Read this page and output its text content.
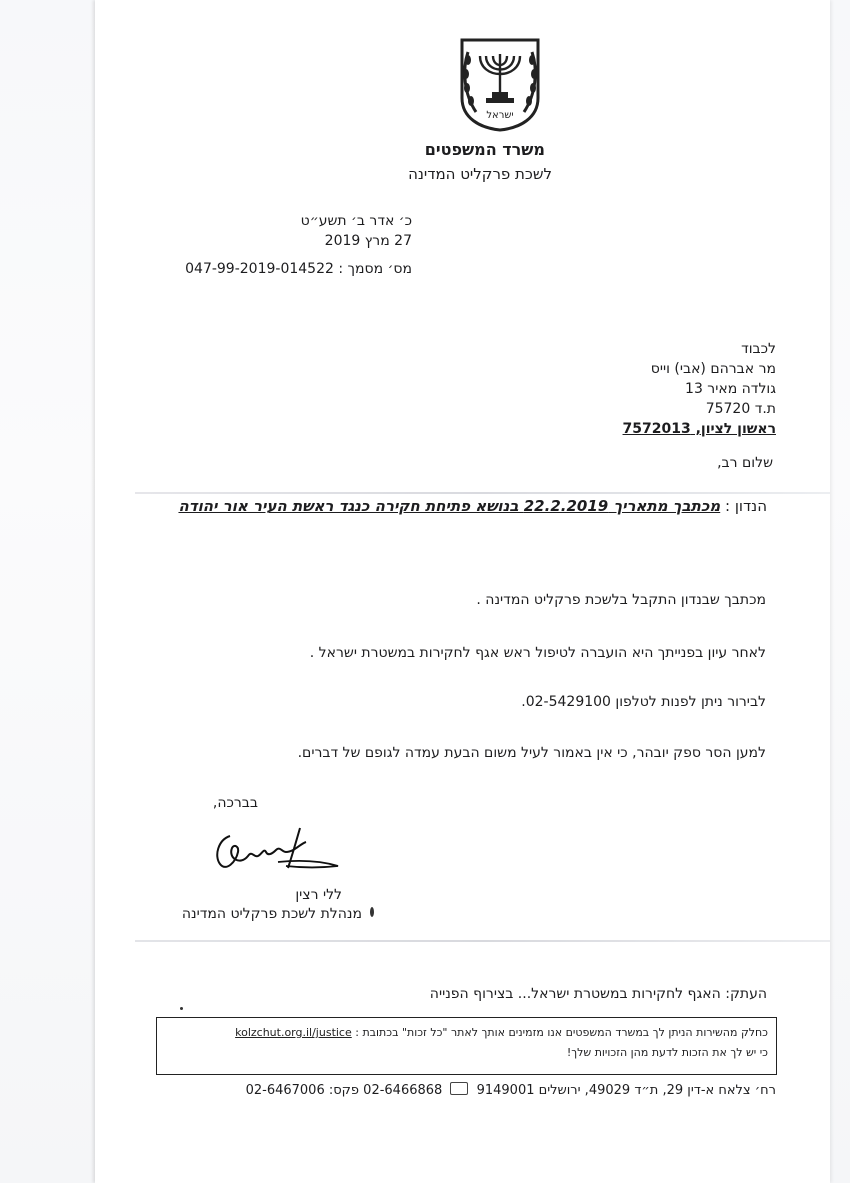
ישראל
משרד המשפטים
לשכת פרקליט המדינה
כ׳ אדר ב׳ תשע״ט
27 מרץ 2019
מס׳ מסמך : 047-99-2019-014522
לכבוד
מר אברהם (אבי) וייס
גולדה מאיר 13
ת.ד 75720
ראשון לציון, 7572013
שלום רב,
הנדון : מכתבך מתאריך 22.2.2019 בנושא פתיחת חקירה כנגד ראשת העיר אור יהודה
מכתבך שבנדון התקבל בלשכת פרקליט המדינה .
לאחר עיון בפנייתך היא הועברה לטיפול ראש אגף לחקירות במשטרת ישראל .
לבירור ניתן לפנות לטלפון 02-5429100.
למען הסר ספק יובהר, כי אין באמור לעיל משום הבעת עמדה לגופם של דברים.
בברכה,
ללי רצין
מנהלת לשכת פרקליט המדינה
העתק: האגף לחקירות במשטרת ישראל... בצירוף הפנייה
כחלק מהשירות הניתן לך במשרד המשפטים אנו מזמינים אותך לאתר "כל זכות" בכתובת : kolzchut.org.il/justice
כי יש לך את הזכות לדעת מהן הזכויות שלך!
רח׳ צלאח א-דין 29, ת״ד 49029, ירושלים 9149001  02-6466868 פקס: 02-6467006
